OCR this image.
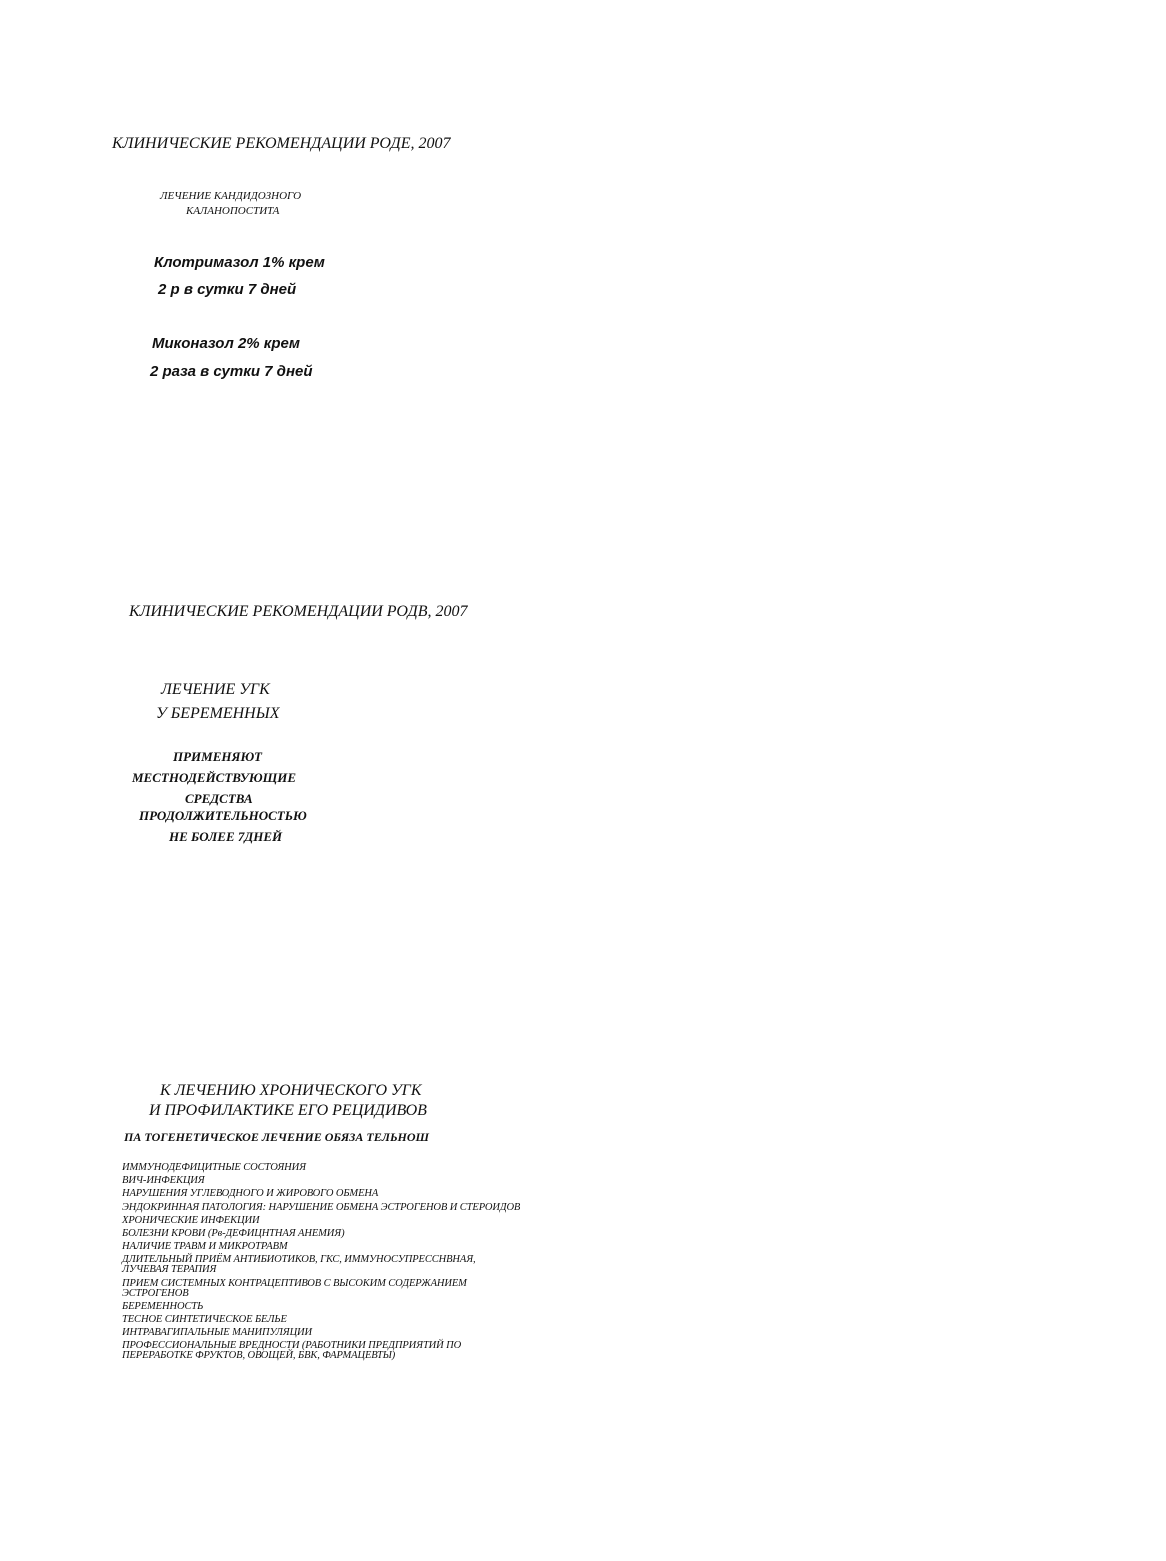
КЛИНИЧЕСКИЕ РЕКОМЕНДАЦИИ РОДЕ, 2007
ЛЕЧЕНИЕ КАНДИДОЗНОГО
КАЛАНОПОСТИТА
Клотримазол 1% крем
2 р в сутки 7 дней
Миконазол 2% крем
2 раза в сутки 7 дней
КЛИНИЧЕСКИЕ РЕКОМЕНДАЦИИ РОДВ, 2007
ЛЕЧЕНИЕ УГК
У БЕРЕМЕННЫХ
ПРИМЕНЯЮТ
МЕСТНОДЕЙСТВУЮЩИЕ
СРЕДСТВА
ПРОДОЛЖИТЕЛЬНОСТЬЮ
НЕ БОЛЕЕ 7ДНЕЙ
К ЛЕЧЕНИЮ ХРОНИЧЕСКОГО УГК
И ПРОФИЛАКТИКЕ ЕГО РЕЦИДИВОВ
ПА ТОГЕНЕТИЧЕСКОЕ ЛЕЧЕНИЕ ОБЯЗА ТЕЛЬНОШ
ИММУНОДЕФИЦИТНЫЕ СОСТОЯНИЯ
ВИЧ-ИНФЕКЦИЯ
НАРУШЕНИЯ УГЛЕВОДНОГО И ЖИРОВОГО ОБМЕНА
ЭНДОКРИННАЯ ПАТОЛОГИЯ: НАРУШЕНИЕ ОБМЕНА ЭСТРОГЕНОВ И СТЕРОИДОВ
ХРОНИЧЕСКИЕ ИНФЕКЦИИ
БОЛЕЗНИ КРОВИ (Рв-ДЕФИЦНТНАЯ АНЕМИЯ)
НАЛИЧИЕ ТРАВМ И МИКРОТРАВМ
ДЛИТЕЛЬНЫЙ ПРИЁМ АНТИБИОТИКОВ, ГКС, ИММУНОСУПРЕССНВНАЯ, ЛУЧЕВАЯ ТЕРАПИЯ
ПРИЕМ СИСТЕМНЫХ КОНТРАЦЕПТИВОВ С ВЫСОКИМ СОДЕРЖАНИЕМ ЭСТРОГЕНОВ
БЕРЕМЕННОСТЬ
ТЕСНОЕ СИНТЕТИЧЕСКОЕ БЕЛЬЕ
ИНТРАВАГИПАЛЬНЫЕ МАНИПУЛЯЦИИ
ПРОФЕССИОНАЛЬНЫЕ ВРЕДНОСТИ (РАБОТНИКИ ПРЕДПРИЯТИЙ ПО ПЕРЕРАБОТКЕ ФРУКТОВ, ОВОЩЕЙ, БВК, ФАРМАЦЕВТЫ)
